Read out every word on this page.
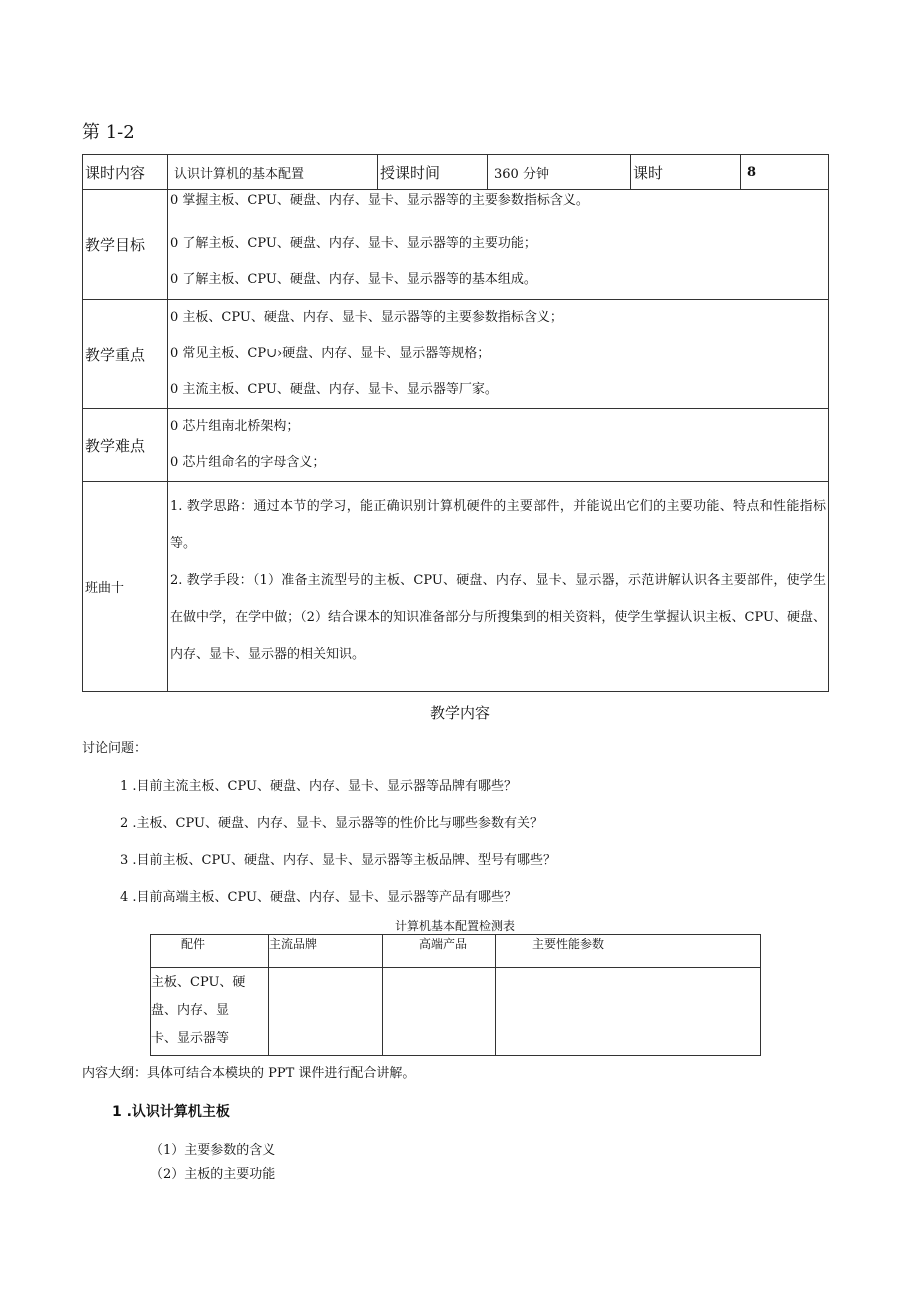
第 1-2
课时内容	认识计算机的基本配置	授课时间	360 分钟	课时	8
教学目标	0 掌握主板、CPU、硬盘、内存、显卡、显示器等的主要参数指标含义。
0 了解主板、CPU、硬盘、内存、显卡、显示器等的主要功能；
0 了解主板、CPU、硬盘、内存、显卡、显示器等的基本组成。				

教学重点	0 主板、CPU、硬盘、内存、显卡、显示器等的主要参数指标含义；
0 常见主板、CP∪›硬盘、内存、显卡、显示器等规格；
0 主流主板、CPU、硬盘、内存、显卡、显示器等厂家。				

教学难点	0 芯片组南北桥架构；
0 芯片组命名的字母含义；				

班曲十	1. 教学思路：通过本节的学习，能正确识别计算机硬件的主要部件，并能说出它们的主要功能、特点和性能指标等。
2. 教学手段：（1）准备主流型号的主板、CPU、硬盘、内存、显卡、显示器，示范讲解认识各主要部件，使学生在做中学，在学中做；（2）结合课本的知识准备部分与所搜集到的相关资料，使学生掌握认识主板、CPU、硬盘、内存、显卡、显示器的相关知识。				
教学内容
讨论问题：
1 .目前主流主板、CPU、硬盘、内存、显卡、显示器等品牌有哪些？
2 .主板、CPU、硬盘、内存、显卡、显示器等的性价比与哪些参数有关？
3 .目前主板、CPU、硬盘、内存、显卡、显示器等主板品牌、型号有哪些？
4 .目前高端主板、CPU、硬盘、内存、显卡、显示器等产品有哪些？
计算机基本配置检测表
配件	主流品牌	高端产品	主要性能参数

主板、CPU、硬
盘、内存、显
卡、显示器等			

内容大纲：具体可结合本模块的 PPT 课件进行配合讲解。
1 .认识计算机主板
（1）主要参数的含义
（2）主板的主要功能
